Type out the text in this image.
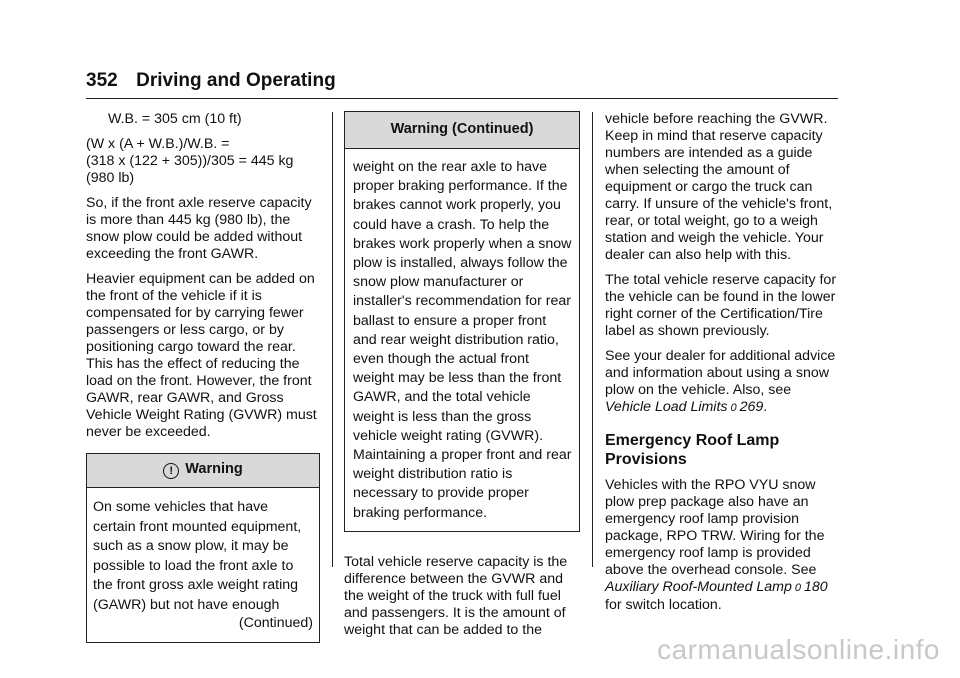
352 Driving and Operating

W.B. = 305 cm (10 ft)

(W x (A + W.B.)/W.B. =
(318 x (122 + 305))/305 = 445 kg
(980 lb)

So, if the front axle reserve capacity is more than 445 kg (980 lb), the snow plow could be added without exceeding the front GAWR.

Heavier equipment can be added on the front of the vehicle if it is compensated for by carrying fewer passengers or less cargo, or by positioning cargo toward the rear. This has the effect of reducing the load on the front. However, the front GAWR, rear GAWR, and Gross Vehicle Weight Rating (GVWR) must never be exceeded.

! Warning
On some vehicles that have certain front mounted equipment, such as a snow plow, it may be possible to load the front axle to the front gross axle weight rating (GAWR) but not have enough
(Continued)
Warning (Continued)
weight on the rear axle to have proper braking performance. If the brakes cannot work properly, you could have a crash. To help the brakes work properly when a snow plow is installed, always follow the snow plow manufacturer or installer's recommendation for rear ballast to ensure a proper front and rear weight distribution ratio, even though the actual front weight may be less than the front GAWR, and the total vehicle weight is less than the gross vehicle weight rating (GVWR). Maintaining a proper front and rear weight distribution ratio is necessary to provide proper braking performance.

Total vehicle reserve capacity is the difference between the GVWR and the weight of the truck with full fuel and passengers. It is the amount of weight that can be added to the

vehicle before reaching the GVWR. Keep in mind that reserve capacity numbers are intended as a guide when selecting the amount of equipment or cargo the truck can carry. If unsure of the vehicle's front, rear, or total weight, go to a weigh station and weigh the vehicle. Your dealer can also help with this.

The total vehicle reserve capacity for the vehicle can be found in the lower right corner of the Certification/Tire label as shown previously.

See your dealer for additional advice and information about using a snow plow on the vehicle. Also, see Vehicle Load Limits 0 269.

Emergency Roof Lamp Provisions

Vehicles with the RPO VYU snow plow prep package also have an emergency roof lamp provision package, RPO TRW. Wiring for the emergency roof lamp is provided above the overhead console. See Auxiliary Roof-Mounted Lamp 0 180 for switch location.

carmanualsonline.info
